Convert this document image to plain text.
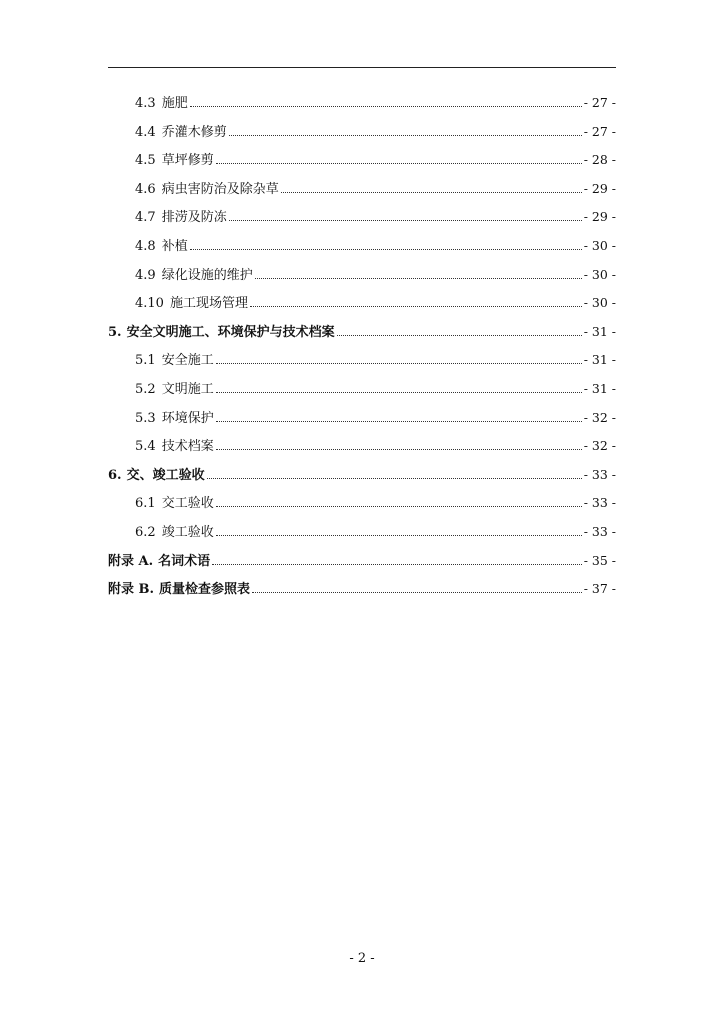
4.3 施肥	- 27 -
4.4 乔灌木修剪	- 27 -
4.5 草坪修剪	- 28 -
4.6 病虫害防治及除杂草	- 29 -
4.7 排涝及防冻	- 29 -
4.8 补植	- 30 -
4.9 绿化设施的维护	- 30 -
4.10 施工现场管理	- 30 -
5. 安全文明施工、环境保护与技术档案	- 31 -
5.1 安全施工	- 31 -
5.2 文明施工	- 31 -
5.3 环境保护	- 32 -
5.4 技术档案	- 32 -
6. 交、竣工验收	- 33 -
6.1 交工验收	- 33 -
6.2 竣工验收	- 33 -
附录 A. 名词术语	- 35 -
附录 B. 质量检查参照表	- 37 -
- 2 -
